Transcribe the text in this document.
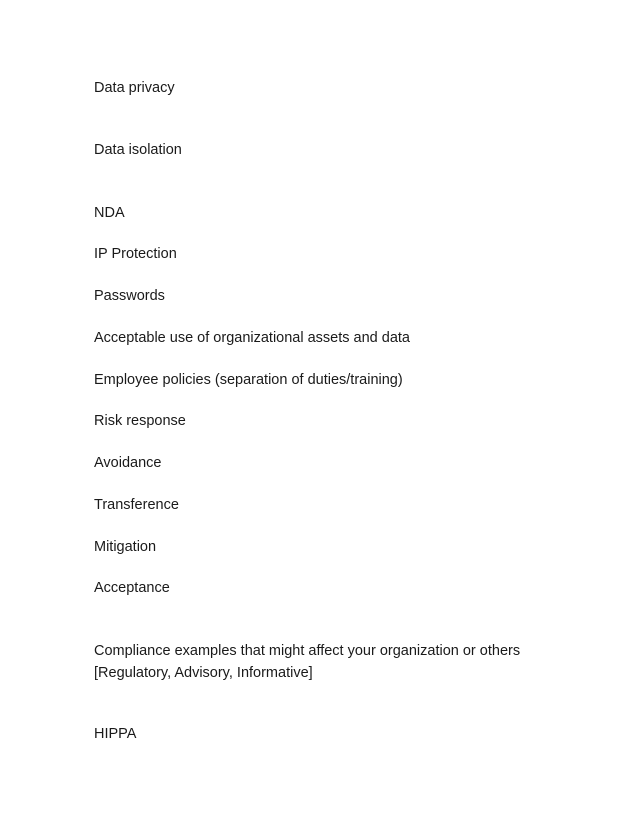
Data privacy

Data isolation

NDA

IP Protection

Passwords

Acceptable use of organizational assets and data

Employee policies (separation of duties/training)

Risk response

Avoidance

Transference

Mitigation

Acceptance

Compliance examples that might affect your organization or others
[Regulatory, Advisory, Informative]

HIPPA
